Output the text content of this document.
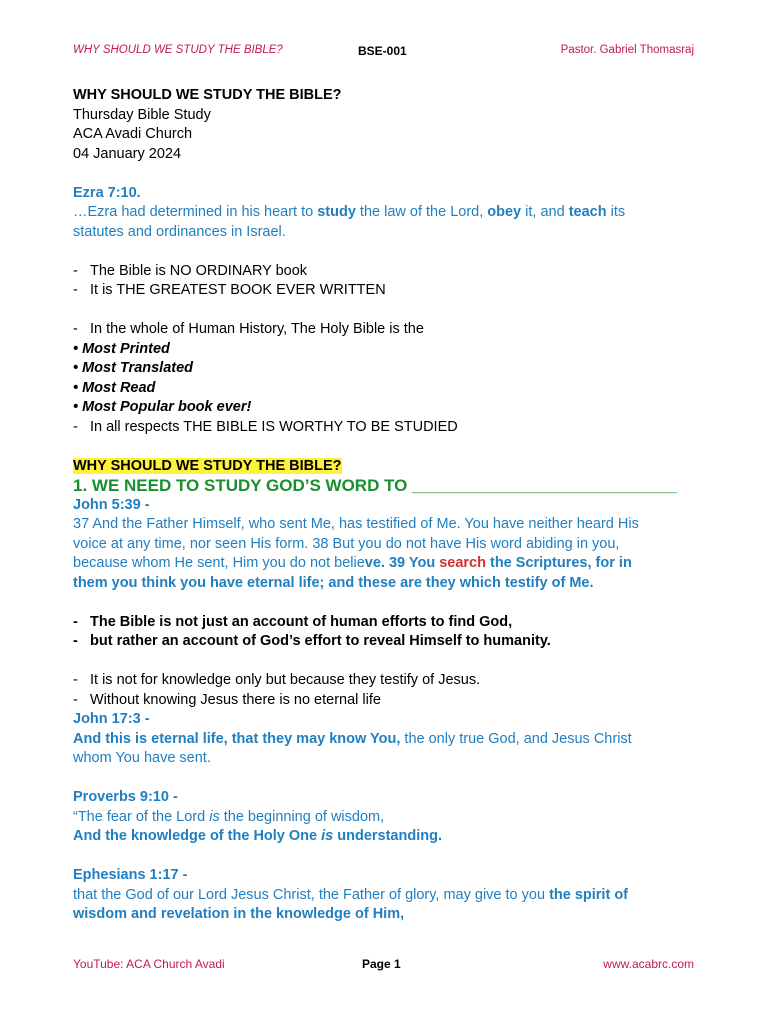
WHY SHOULD WE STUDY THE BIBLE?	BSE-001	Pastor. Gabriel Thomasraj
WHY SHOULD WE STUDY THE BIBLE?
Thursday Bible Study
ACA Avadi Church
04 January 2024
Ezra 7:10.
…Ezra had determined in his heart to study the law of the Lord, obey it, and teach its
statutes and ordinances in Israel.
- The Bible is NO ORDINARY book
- It is THE GREATEST BOOK EVER WRITTEN
- In the whole of Human History, The Holy Bible is the
• Most Printed
• Most Translated
• Most Read
• Most Popular book ever!
- In all respects THE BIBLE IS WORTHY TO BE STUDIED
WHY SHOULD WE STUDY THE BIBLE?
1. WE NEED TO STUDY GOD’S WORD TO ____________________________
John 5:39 -
37 And the Father Himself, who sent Me, has testified of Me. You have neither heard His
voice at any time, nor seen His form. 38 But you do not have His word abiding in you,
because whom He sent, Him you do not believe. 39 You search the Scriptures, for in
them you think you have eternal life; and these are they which testify of Me.
- The Bible is not just an account of human efforts to find God,
- but rather an account of God’s effort to reveal Himself to humanity.
- It is not for knowledge only but because they testify of Jesus.
- Without knowing Jesus there is no eternal life
John 17:3 -
And this is eternal life, that they may know You, the only true God, and Jesus Christ
whom You have sent.
Proverbs 9:10 -
“The fear of the Lord is the beginning of wisdom,
And the knowledge of the Holy One is understanding.
Ephesians 1:17 -
that the God of our Lord Jesus Christ, the Father of glory, may give to you the spirit of
wisdom and revelation in the knowledge of Him,
YouTube: ACA Church Avadi	Page 1	www.acabrc.com
